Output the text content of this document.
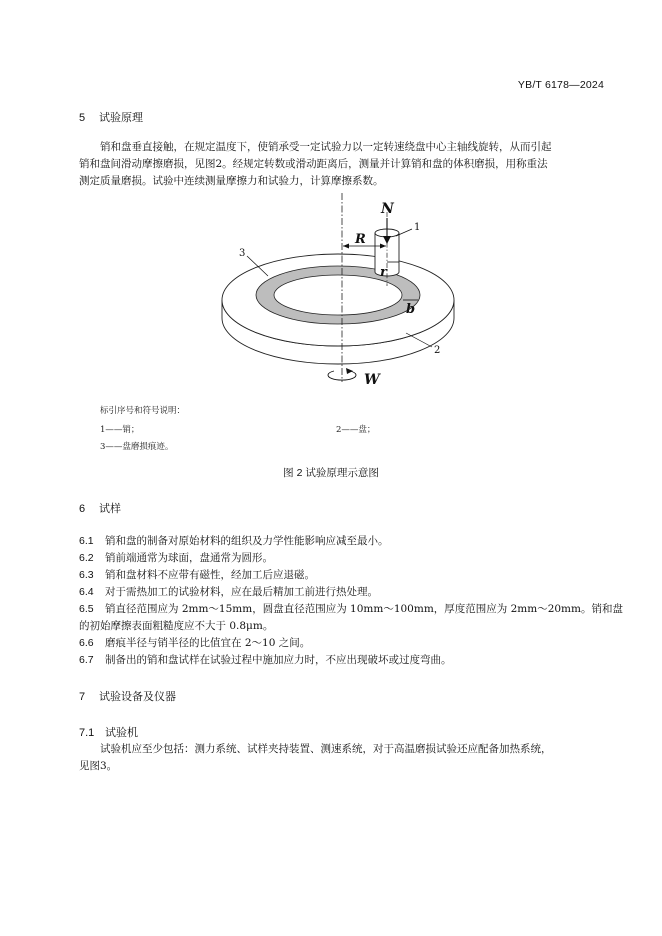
YB/T 6178—2024
5 试验原理
销和盘垂直接触，在规定温度下，使销承受一定试验力以一定转速绕盘中心主轴线旋转，从而引起
销和盘间滑动摩擦磨损，见图2。经规定转数或滑动距离后，测量并计算销和盘的体积磨损，用称重法
测定质量磨损。试验中连续测量摩擦力和试验力，计算摩擦系数。
N
R
r
b
W
1
2
3
标引序号和符号说明：
1——销；	2——盘；
3——盘磨损痕迹。
图 2 试验原理示意图
6 试样
6.1 销和盘的制备对原始材料的组织及力学性能影响应减至最小。
6.2 销前端通常为球面，盘通常为圆形。
6.3 销和盘材料不应带有磁性，经加工后应退磁。
6.4 对于需热加工的试验材料，应在最后精加工前进行热处理。
6.5 销直径范围应为 2mm～15mm，圆盘直径范围应为 10mm～100mm，厚度范围应为 2mm～20mm。销和盘
的初始摩擦表面粗糙度应不大于 0.8μm。
6.6 磨痕半径与销半径的比值宜在 2～10 之间。
6.7 制备出的销和盘试样在试验过程中施加应力时，不应出现破坏或过度弯曲。
7 试验设备及仪器
7.1 试验机
试验机应至少包括：测力系统、试样夹持装置、测速系统，对于高温磨损试验还应配备加热系统，
见图3。
